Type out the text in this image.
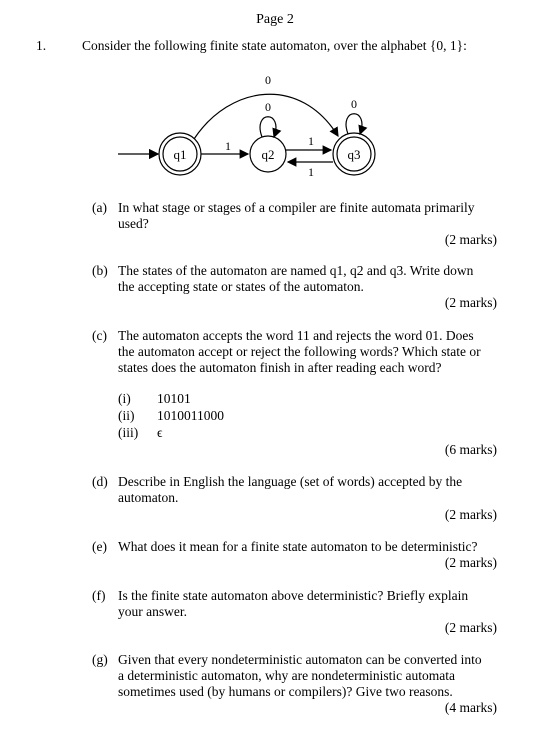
Page 2
1.	Consider the following finite state automaton, over the alphabet {0, 1}:
q1	q2	q3
1	1
1
0
0	0
(a) In what stage or stages of a compiler are finite automata primarily
used?
(2 marks)
(b) The states of the automaton are named q1, q2 and q3. Write down
the accepting state or states of the automaton.
(2 marks)
(c) The automaton accepts the word 11 and rejects the word 01. Does
the automaton accept or reject the following words? Which state or
states does the automaton finish in after reading each word?
(i) 10101
(ii) 1010011000
(iii) ϵ
(6 marks)
(d) Describe in English the language (set of words) accepted by the
automaton.
(2 marks)
(e) What does it mean for a finite state automaton to be deterministic?
(2 marks)
(f) Is the finite state automaton above deterministic? Briefly explain
your answer.
(2 marks)
(g) Given that every nondeterministic automaton can be converted into
a deterministic automaton, why are nondeterministic automata
sometimes used (by humans or compilers)? Give two reasons.
(4 marks)
